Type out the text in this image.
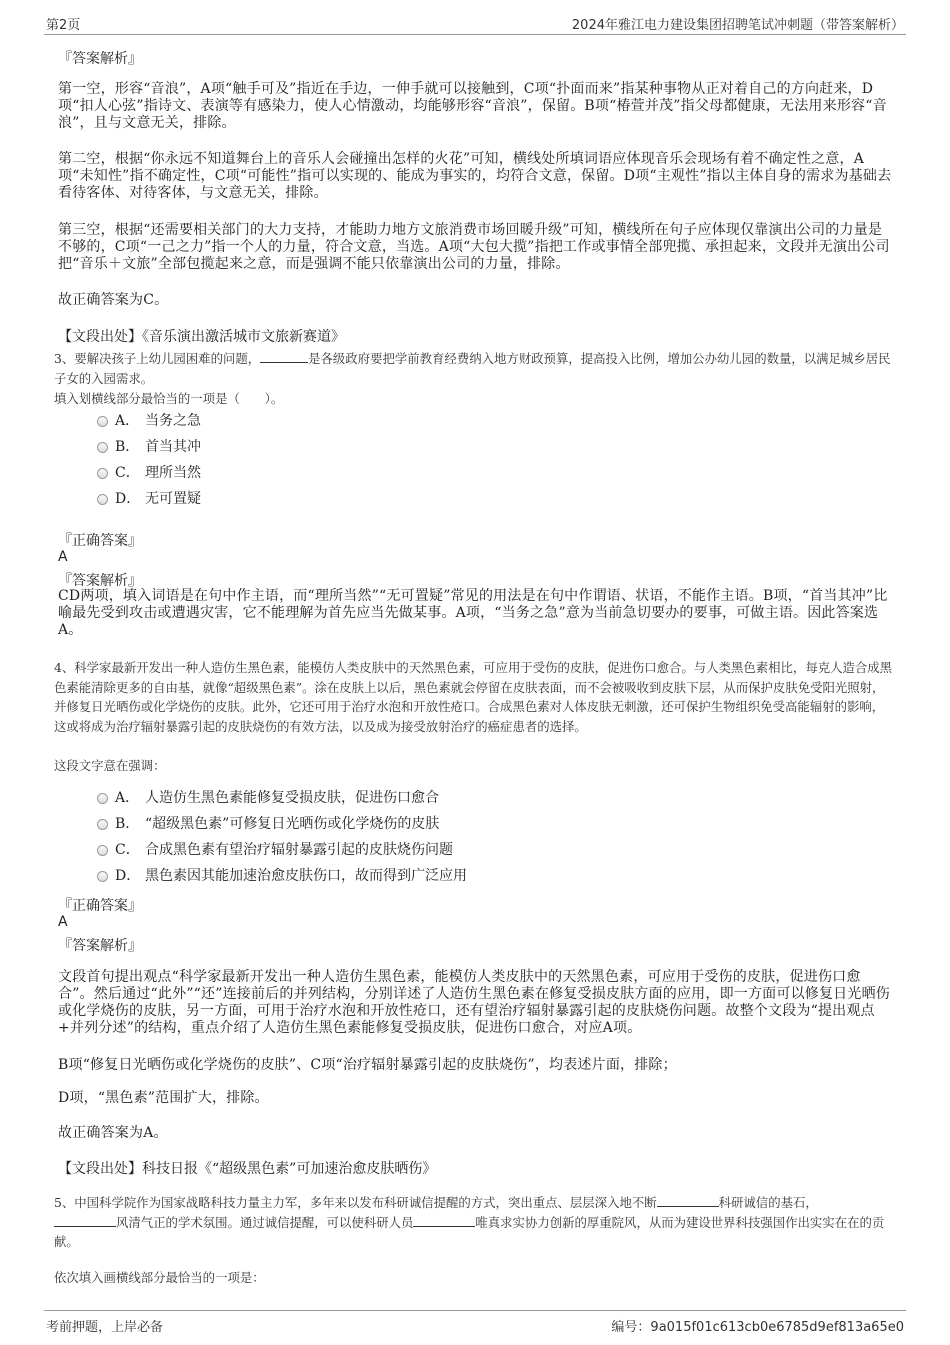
第2页	2024年雅江电力建设集团招聘笔试冲刺题（带答案解析）
『答案解析』
第一空，形容“音浪”，A项“触手可及”指近在手边，一伸手就可以接触到，C项“扑面而来”指某种事物从正对着自己的方向赶来，D项“扣人心弦”指诗文、表演等有感染力，使人心情激动，均能够形容“音浪”，保留。B项“椿萱并茂”指父母都健康，无法用来形容“音浪”，且与文意无关，排除。
第二空，根据“你永远不知道舞台上的音乐人会碰撞出怎样的火花”可知，横线处所填词语应体现音乐会现场有着不确定性之意，A项“未知性”指不确定性，C项“可能性”指可以实现的、能成为事实的，均符合文意，保留。D项“主观性”指以主体自身的需求为基础去看待客体、对待客体，与文意无关，排除。
第三空，根据“还需要相关部门的大力支持，才能助力地方文旅消费市场回暖升级”可知，横线所在句子应体现仅靠演出公司的力量是不够的，C项“一己之力”指一个人的力量，符合文意，当选。A项“大包大揽”指把工作或事情全部兜揽、承担起来，文段并无演出公司把“音乐＋文旅”全部包揽起来之意，而是强调不能只依靠演出公司的力量，排除。
故正确答案为C。
【文段出处】《音乐演出激活城市文旅新赛道》
3、要解决孩子上幼儿园困难的问题，	是各级政府要把学前教育经费纳入地方财政预算，提高投入比例，增加公办幼儿园的数量，以满足城乡居民子女的入园需求。
填入划横线部分最恰当的一项是（　　）。
A． 当务之急
B． 首当其冲
C． 理所当然
D． 无可置疑
『正确答案』
A
『答案解析』
CD两项，填入词语是在句中作主语，而“理所当然”“无可置疑”常见的用法是在句中作谓语、状语，不能作主语。B项，“首当其冲”比喻最先受到攻击或遭遇灾害，它不能理解为首先应当先做某事。A项，“当务之急”意为当前急切要办的要事，可做主语。因此答案选A。
4、科学家最新开发出一种人造仿生黑色素，能模仿人类皮肤中的天然黑色素，可应用于受伤的皮肤，促进伤口愈合。与人类黑色素相比，每克人造合成黑色素能清除更多的自由基，就像“超级黑色素”。涂在皮肤上以后，黑色素就会停留在皮肤表面，而不会被吸收到皮肤下层，从而保护皮肤免受阳光照射，并修复日光晒伤或化学烧伤的皮肤。此外，它还可用于治疗水泡和开放性疮口。合成黑色素对人体皮肤无刺激，还可保护生物组织免受高能辐射的影响，这或将成为治疗辐射暴露引起的皮肤烧伤的有效方法，以及成为接受放射治疗的癌症患者的选择。
这段文字意在强调：
A． 人造仿生黑色素能修复受损皮肤，促进伤口愈合
B． “超级黑色素”可修复日光晒伤或化学烧伤的皮肤
C． 合成黑色素有望治疗辐射暴露引起的皮肤烧伤问题
D． 黑色素因其能加速治愈皮肤伤口，故而得到广泛应用
『正确答案』
A
『答案解析』
文段首句提出观点“科学家最新开发出一种人造仿生黑色素，能模仿人类皮肤中的天然黑色素，可应用于受伤的皮肤，促进伤口愈合”。然后通过“此外”“还”连接前后的并列结构，分别详述了人造仿生黑色素在修复受损皮肤方面的应用，即一方面可以修复日光晒伤或化学烧伤的皮肤，另一方面，可用于治疗水泡和开放性疮口，还有望治疗辐射暴露引起的皮肤烧伤问题。故整个文段为“提出观点+并列分述”的结构，重点介绍了人造仿生黑色素能修复受损皮肤，促进伤口愈合，对应A项。
B项“修复日光晒伤或化学烧伤的皮肤”、C项“治疗辐射暴露引起的皮肤烧伤”，均表述片面，排除；
D项，“黑色素”范围扩大，排除。
故正确答案为A。
【文段出处】科技日报《“超级黑色素”可加速治愈皮肤晒伤》
5、中国科学院作为国家战略科技力量主力军，多年来以发布科研诚信提醒的方式，突出重点、层层深入地不断	科研诚信的基石，
风清气正的学术氛围。通过诚信提醒，可以使科研人员	唯真求实协力创新的厚重院风，从而为建设世界科技强国作出实实在在的贡献。
依次填入画横线部分最恰当的一项是：
考前押题，上岸必备	编号：9a015f01c613cb0e6785d9ef813a65e0
